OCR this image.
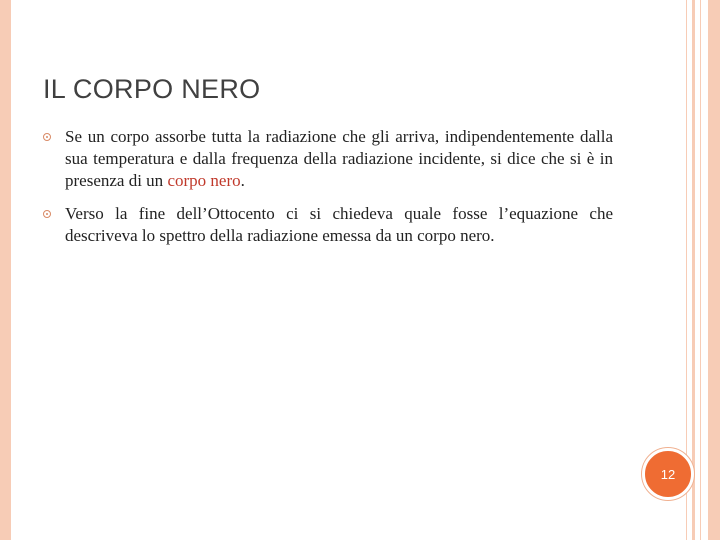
IL CORPO NERO
Se un corpo assorbe tutta la radiazione che gli arriva, indipendentemente dalla sua temperatura e dalla frequenza della radiazione incidente, si dice che si è in presenza di un corpo nero.
Verso la fine dell’Ottocento ci si chiedeva quale fosse l’equazione che descriveva lo spettro della radiazione emessa da un corpo nero.
12
